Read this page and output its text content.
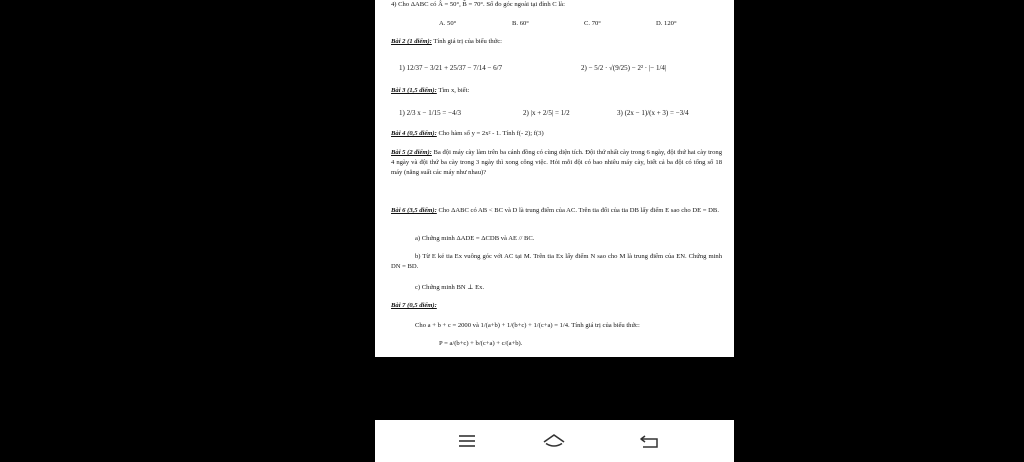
4) Cho ΔABC có Â = 50°, B̂ = 70°. Số đo góc ngoài tại đỉnh C là:
A. 50°	B. 60°	C. 70°	D. 120°
Bài 2 (1 điểm): Tính giá trị của biểu thức:
1) 12/37 − 3/21 + 25/37 − 7/14 − 6/7	2) − 5/2 · √(9/25) − 2² · |− 1/4|
Bài 3 (1,5 điểm): Tìm x, biết:
1) 2/3 x − 1/15 = −4/3	2) |x + 2/5| = 1/2	3) (2x − 1)/(x + 3) = −3/4
Bài 4 (0,5 điểm): Cho hàm số y = 2x² - 1. Tính f(- 2); f(3)
Bài 5 (2 điểm): Ba đội máy cày làm trên ba cánh đồng có cùng diện tích. Đội thứ nhất cày trong 6 ngày, đội thứ hai cày trong 4 ngày và đội thứ ba cày trong 3 ngày thì xong công việc. Hỏi mỗi đội có bao nhiêu máy cày, biết cả ba đội có tổng số 18 máy (năng suất các máy như nhau)?
Bài 6 (3,5 điểm): Cho ΔABC có AB < BC và D là trung điểm của AC. Trên tia đối của tia DB lấy điểm E sao cho DE = DB.
a) Chứng minh ΔADE = ΔCDB và AE // BC.
b) Từ E kẻ tia Ex vuông góc với AC tại M. Trên tia Ex lấy điểm N sao cho M là trung điểm của EN. Chứng minh DN = BD.
c) Chứng minh BN ⊥ Ex.
Bài 7 (0,5 điểm):
Cho a + b + c = 2000 và 1/(a+b) + 1/(b+c) + 1/(c+a) = 1/4. Tính giá trị của biểu thức:
P = a/(b+c) + b/(c+a) + c/(a+b).
